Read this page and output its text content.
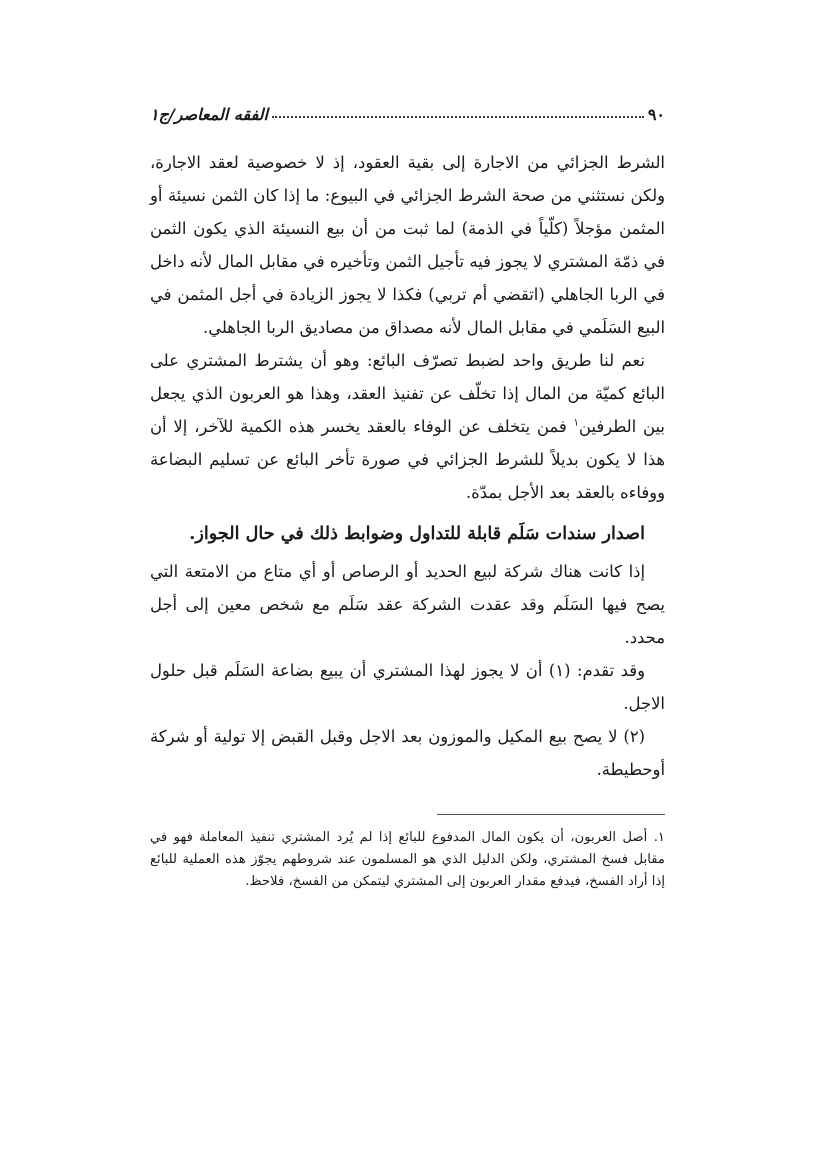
٩٠
الفقه المعاصر/ج١

الشرط الجزائي من الاجارة إلى بقية العقود، إذ لا خصوصية لعقد الاجارة، ولكن نستثني من صحة الشرط الجزائي في البيوع: ما إذا كان الثمن نسيئة أو المثمن مؤجلاً (كلّياً في الذمة) لما ثبت من أن بيع النسيئة الذي يكون الثمن في ذمّة المشتري لا يجوز فيه تأجيل الثمن وتأخيره في مقابل المال لأنه داخل في الربا الجاهلي (اتقضي أم تربي) فكذا لا يجوز الزيادة في أجل المثمن في البيع السَلَمي في مقابل المال لأنه مصداق من مصاديق الربا الجاهلي.

نعم لنا طريق واحد لضبط تصرّف البائع: وهو أن يشترط المشتري على البائع كميّة من المال إذا تخلّف عن تفنيذ العقد، وهذا هو العربون الذي يجعل بين الطرفين$^١$ فمن يتخلف عن الوفاء بالعقد يخسر هذه الكمية للآخر، إلا أن هذا لا يكون بديلاً للشرط الجزائي في صورة تأخر البائع عن تسليم البضاعة ووفاءه بالعقد بعد الأجل بمدّة.

اصدار سندات سَلَم قابلة للتداول وضوابط ذلك في حال الجواز.

إذا كانت هناك شركة لبيع الحديد أو الرصاص أو أي متاع من الامتعة التي يصح فيها السَلَم وقد عقدت الشركة عقد سَلَم مع شخص معين إلى أجل محدد.

وقد تقدم: (١) أن لا يجوز لهذا المشتري أن يبيع بضاعة السَلَم قبل حلول الاجل.

(٢) لا يصح بيع المكيل والموزون بعد الاجل وقبل القبض إلا تولية أو شركة أوحطيطة.

١. أصل العربون، أن يكون المال المدفوع للبائع إذا لم يُرد المشتري تنفيذ المعاملة فهو في مقابل فسخ المشتري، ولكن الدليل الذي هو المسلمون عند شروطهم يجوّز هذه العملية للبائع إذا أراد الفسخ، فيدفع مقدار العربون إلى المشتري ليتمكن من الفسخ، فلاحظ.
